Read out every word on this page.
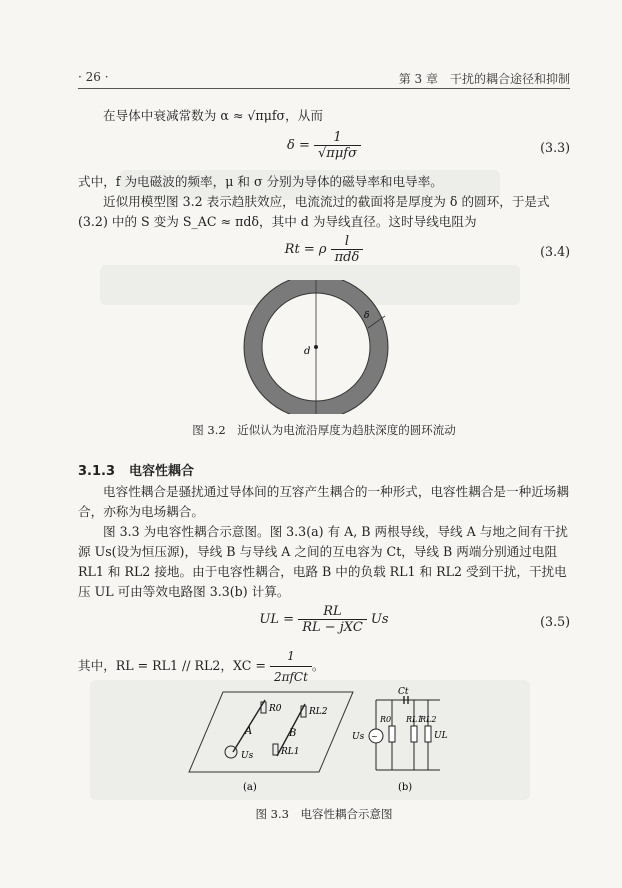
· 26 ·	第 3 章　干扰的耦合途径和抑制
在导体中衰减常数为 α ≈ √πμfσ，从而
$\delta = \frac{1}{\text{√πμfσ}}$	(3.3)
式中，f 为电磁波的频率，μ 和 σ 分别为导体的磁导率和电导率。
近似用模型图 3.2 表示趋肤效应，电流流过的截面将是厚度为 δ 的圆环，于是式 (3.2) 中的 S 变为 S_AC ≈ πdδ，其中 d 为导线直径。这时导线电阻为
Rt = ρ $\frac{l}{\text{πdδ}}$	(3.4)
d
δ
图 3.2　近似认为电流沿厚度为趋肤深度的圆环流动
3.1.3 电容性耦合
电容性耦合是骚扰通过导体间的互容产生耦合的一种形式，电容性耦合是一种近场耦合，亦称为电场耦合。
图 3.3 为电容性耦合示意图。图 3.3(a) 有 A, B 两根导线，导线 A 与地之间有干扰源 Us(设为恒压源)，导线 B 与导线 A 之间的互电容为 Ct，导线 B 两端分别通过电阻 RL1 和 RL2 接地。由于电容性耦合，电路 B 中的负载 RL1 和 RL2 受到干扰，干扰电压 UL 可由等效电路图 3.3(b) 计算。
UL = $\frac{RL}{\text{RL − jXC}}$ Us	(3.5)
其中，RL = RL1 // RL2，XC = $\frac{1}{\text{2πfCt}}$ 。
R0	RL2
A	B
Us	RL1
(a)
~
Ct
R0 RL1
RL2
UL
Us
(b)
图 3.3　电容性耦合示意图
